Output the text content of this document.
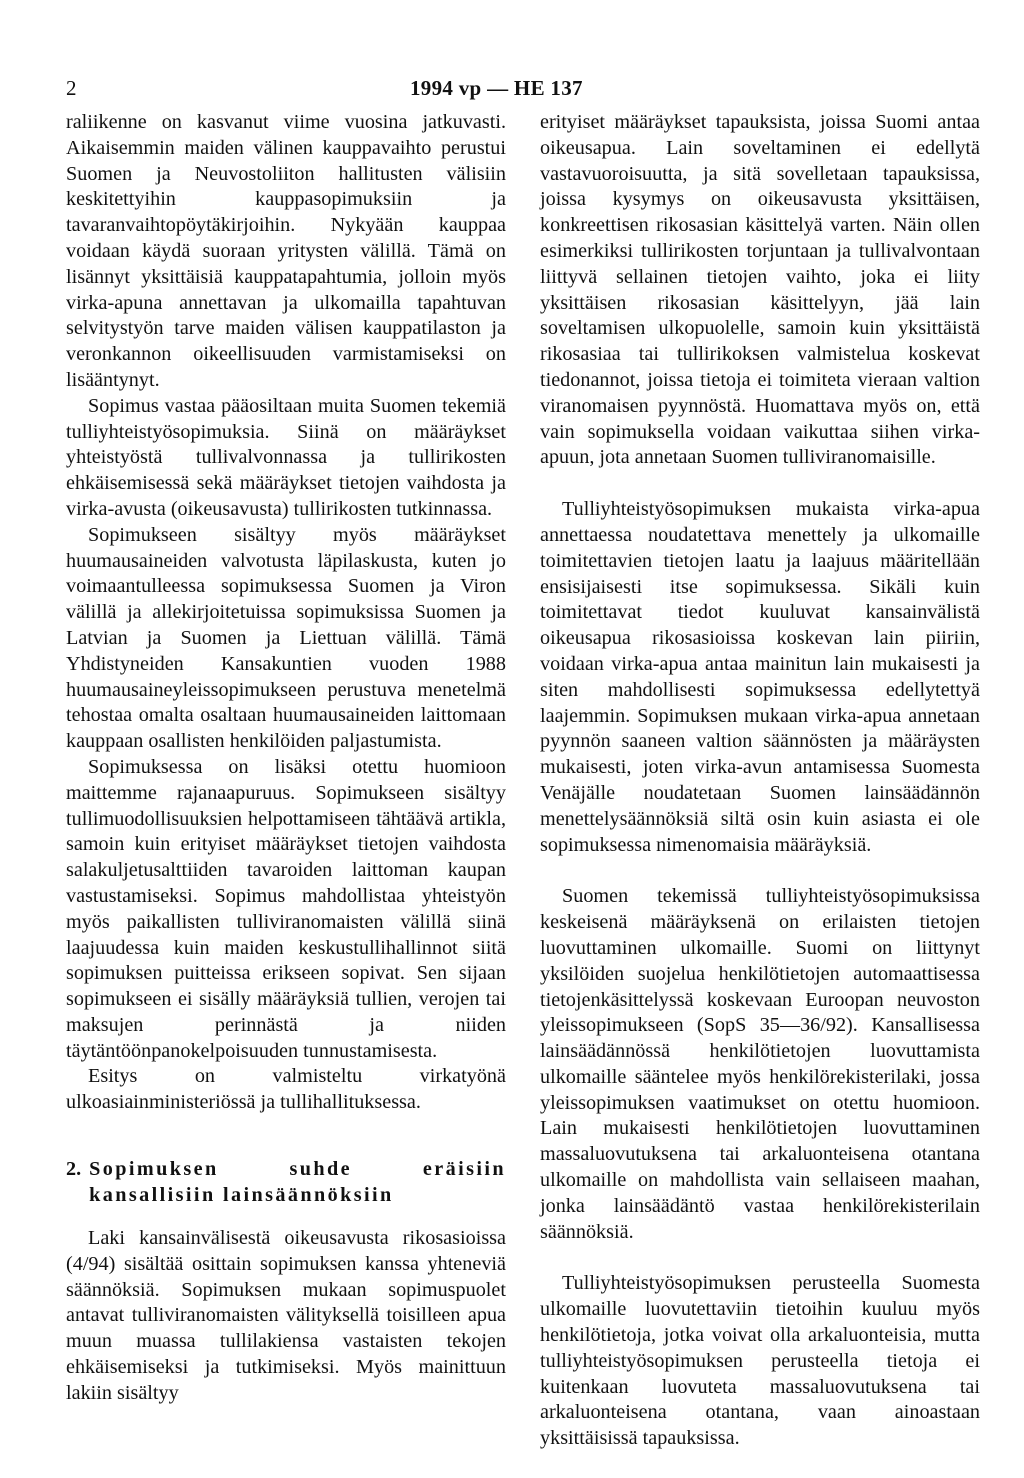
2	1994 vp — HE 137

raliikenne on kasvanut viime vuosina jatkuvasti. Aikaisemmin maiden välinen kauppavaihto perustui Suomen ja Neuvostoliiton hallitusten välisiin keskitettyihin kauppasopimuksiin ja tavaranvaihtopöytäkirjoihin. Nykyään kauppaa voidaan käydä suoraan yritysten välillä. Tämä on lisännyt yksittäisiä kauppatapahtumia, jolloin myös virka-apuna annettavan ja ulkomailla tapahtuvan selvitystyön tarve maiden välisen kauppatilaston ja veronkannon oikeellisuuden varmistamiseksi on lisääntynyt.

Sopimus vastaa pääosiltaan muita Suomen tekemiä tulliyhteistyösopimuksia. Siinä on määräykset yhteistyöstä tullivalvonnassa ja tullirikosten ehkäisemisessä sekä määräykset tietojen vaihdosta ja virka-avusta (oikeusavusta) tullirikosten tutkinnassa.

Sopimukseen sisältyy myös määräykset huumausaineiden valvotusta läpilaskusta, kuten jo voimaantulleessa sopimuksessa Suomen ja Viron välillä ja allekirjoitetuissa sopimuksissa Suomen ja Latvian ja Suomen ja Liettuan välillä. Tämä Yhdistyneiden Kansakuntien vuoden 1988 huumausaineyleissopimukseen perustuva menetelmä tehostaa omalta osaltaan huumausaineiden laittomaan kauppaan osallisten henkilöiden paljastumista.

Sopimuksessa on lisäksi otettu huomioon maittemme rajanaapuruus. Sopimukseen sisältyy tullimuodollisuuksien helpottamiseen tähtäävä artikla, samoin kuin erityiset määräykset tietojen vaihdosta salakuljetusalttiiden tavaroiden laittoman kaupan vastustamiseksi. Sopimus mahdollistaa yhteistyön myös paikallisten tulliviranomaisten välillä siinä laajuudessa kuin maiden keskustullihallinnot siitä sopimuksen puitteissa erikseen sopivat. Sen sijaan sopimukseen ei sisälly määräyksiä tullien, verojen tai maksujen perinnästä ja niiden täytäntöönpanokelpoisuuden tunnustamisesta.

Esitys on valmisteltu virkatyönä ulkoasiainministeriössä ja tullihallituksessa.

2. Sopimuksen suhde eräisiin kansallisiin lainsäännöksiin

Laki kansainvälisestä oikeusavusta rikosasioissa (4/94) sisältää osittain sopimuksen kanssa yhteneviä säännöksiä. Sopimuksen mukaan sopimuspuolet antavat tulliviranomaisten välityksellä toisilleen apua muun muassa tullilakiensa vastaisten tekojen ehkäisemiseksi ja tutkimiseksi. Myös mainittuun lakiin sisältyy

erityiset määräykset tapauksista, joissa Suomi antaa oikeusapua. Lain soveltaminen ei edellytä vastavuoroisuutta, ja sitä sovelletaan tapauksissa, joissa kysymys on oikeusavusta yksittäisen, konkreettisen rikosasian käsittelyä varten. Näin ollen esimerkiksi tullirikosten torjuntaan ja tullivalvontaan liittyvä sellainen tietojen vaihto, joka ei liity yksittäisen rikosasian käsittelyyn, jää lain soveltamisen ulkopuolelle, samoin kuin yksittäistä rikosasiaa tai tullirikoksen valmistelua koskevat tiedonannot, joissa tietoja ei toimiteta vieraan valtion viranomaisen pyynnöstä. Huomattava myös on, että vain sopimuksella voidaan vaikuttaa siihen virka-apuun, jota annetaan Suomen tulliviranomaisille.

Tulliyhteistyösopimuksen mukaista virka-apua annettaessa noudatettava menettely ja ulkomaille toimitettavien tietojen laatu ja laajuus määritellään ensisijaisesti itse sopimuksessa. Sikäli kuin toimitettavat tiedot kuuluvat kansainvälistä oikeusapua rikosasioissa koskevan lain piiriin, voidaan virka-apua antaa mainitun lain mukaisesti ja siten mahdollisesti sopimuksessa edellytettyä laajemmin. Sopimuksen mukaan virka-apua annetaan pyynnön saaneen valtion säännösten ja määräysten mukaisesti, joten virka-avun antamisessa Suomesta Venäjälle noudatetaan Suomen lainsäädännön menettelysäännöksiä siltä osin kuin asiasta ei ole sopimuksessa nimenomaisia määräyksiä.

Suomen tekemissä tulliyhteistyösopimuksissa keskeisenä määräyksenä on erilaisten tietojen luovuttaminen ulkomaille. Suomi on liittynyt yksilöiden suojelua henkilötietojen automaattisessa tietojenkäsittelyssä koskevaan Euroopan neuvoston yleissopimukseen (SopS 35—36/92). Kansallisessa lainsäädännössä henkilötietojen luovuttamista ulkomaille sääntelee myös henkilörekisterilaki, jossa yleissopimuksen vaatimukset on otettu huomioon. Lain mukaisesti henkilötietojen luovuttaminen massaluovutuksena tai arkaluonteisena otantana ulkomaille on mahdollista vain sellaiseen maahan, jonka lainsäädäntö vastaa henkilörekisterilain säännöksiä.

Tulliyhteistyösopimuksen perusteella Suomesta ulkomaille luovutettaviin tietoihin kuuluu myös henkilötietoja, jotka voivat olla arkaluonteisia, mutta tulliyhteistyösopimuksen perusteella tietoja ei kuitenkaan luovuteta massaluovutuksena tai arkaluonteisena otantana, vaan ainoastaan yksittäisissä tapauksissa.
